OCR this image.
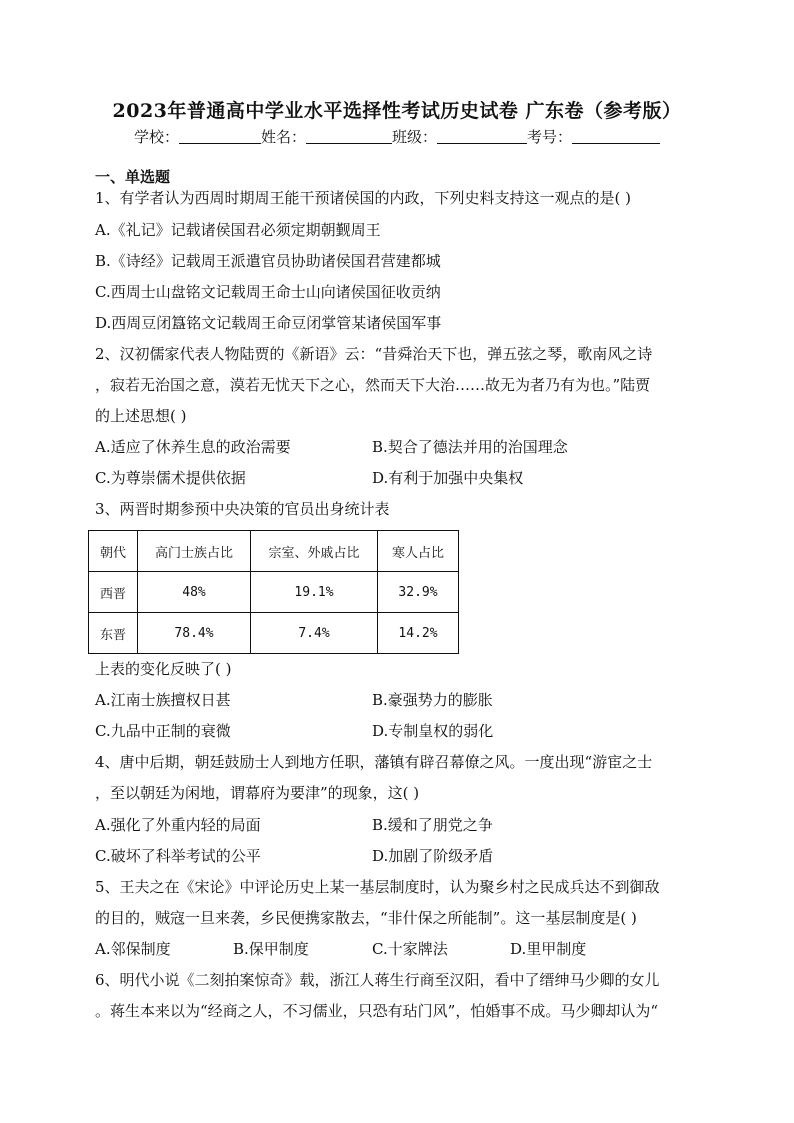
2023年普通高中学业水平选择性考试历史试卷 广东卷（参考版）
学校：	姓名：	班级：	考号：
一、单选题
1、有学者认为西周时期周王能干预诸侯国的内政，下列史料支持这一观点的是( )
A.《礼记》记载诸侯国君必须定期朝觐周王
B.《诗经》记载周王派遣官员协助诸侯国君营建都城
C.西周士山盘铭文记载周王命士山向诸侯国征收贡纳
D.西周豆闭簋铭文记载周王命豆闭掌管某诸侯国军事
2、汉初儒家代表人物陆贾的《新语》云：“昔舜治天下也，弹五弦之琴，歌南风之诗
，寂若无治国之意，漠若无忧天下之心，然而天下大治……故无为者乃有为也。”陆贾
的上述思想( )
A.适应了休养生息的政治需要	B.契合了德法并用的治国理念
C.为尊崇儒术提供依据	D.有利于加强中央集权
3、两晋时期参预中央决策的官员出身统计表
朝代	高门士族占比	宗室、外戚占比	寒人占比
西晋	48%	19.1%	32.9%
东晋	78.4%	7.4%	14.2%
上表的变化反映了( )
A.江南士族擅权日甚	B.豪强势力的膨胀
C.九品中正制的衰微	D.专制皇权的弱化
4、唐中后期，朝廷鼓励士人到地方任职，藩镇有辟召幕僚之风。一度出现“游宦之士
，至以朝廷为闲地，谓幕府为要津”的现象，这( )
A.强化了外重内轻的局面	B.缓和了朋党之争
C.破坏了科举考试的公平	D.加剧了阶级矛盾
5、王夫之在《宋论》中评论历史上某一基层制度时，认为聚乡村之民成兵达不到御敌
的目的，贼寇一旦来袭，乡民便携家散去，“非什保之所能制”。这一基层制度是( )
A.邻保制度	B.保甲制度	C.十家牌法	D.里甲制度
6、明代小说《二刻拍案惊奇》载，浙江人蒋生行商至汉阳，看中了缙绅马少卿的女儿
。蒋生本来以为“经商之人，不习儒业，只恐有玷门风”，怕婚事不成。马少卿却认为“
